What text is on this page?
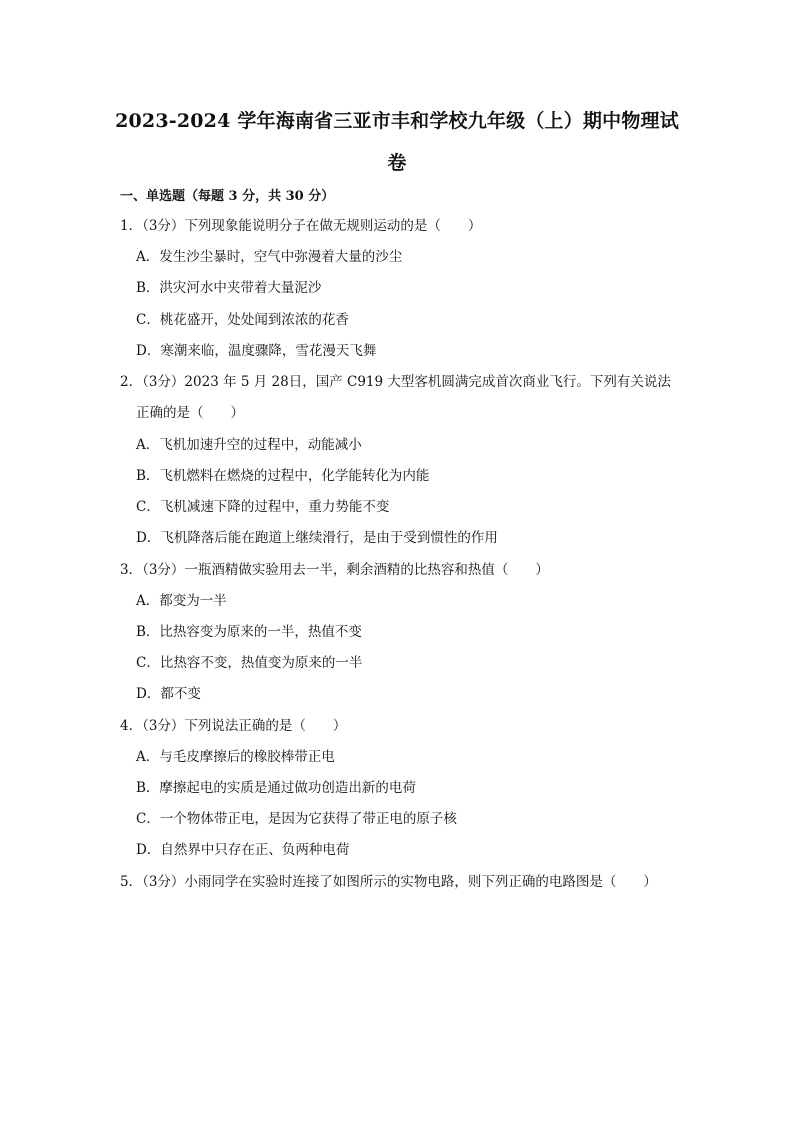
2023-2024 学年海南省三亚市丰和学校九年级（上）期中物理试
卷
一、单选题（每题 3 分，共 30 分）
1．（3分）下列现象能说明分子在做无规则运动的是（　　）
A．发生沙尘暴时，空气中弥漫着大量的沙尘
B．洪灾河水中夹带着大量泥沙
C．桃花盛开，处处闻到浓浓的花香
D．寒潮来临，温度骤降，雪花漫天飞舞
2．（3分）2023 年 5 月 28日，国产 C919 大型客机圆满完成首次商业飞行。下列有关说法
正确的是（　　）
A．飞机加速升空的过程中，动能减小
B．飞机燃料在燃烧的过程中，化学能转化为内能
C．飞机减速下降的过程中，重力势能不变
D．飞机降落后能在跑道上继续滑行，是由于受到惯性的作用
3．（3分）一瓶酒精做实验用去一半，剩余酒精的比热容和热值（　　）
A．都变为一半
B．比热容变为原来的一半，热值不变
C．比热容不变，热值变为原来的一半
D．都不变
4．（3分）下列说法正确的是（　　）
A．与毛皮摩擦后的橡胶棒带正电
B．摩擦起电的实质是通过做功创造出新的电荷
C．一个物体带正电，是因为它获得了带正电的原子核
D．自然界中只存在正、负两种电荷
5．（3分）小雨同学在实验时连接了如图所示的实物电路，则下列正确的电路图是（　　）
